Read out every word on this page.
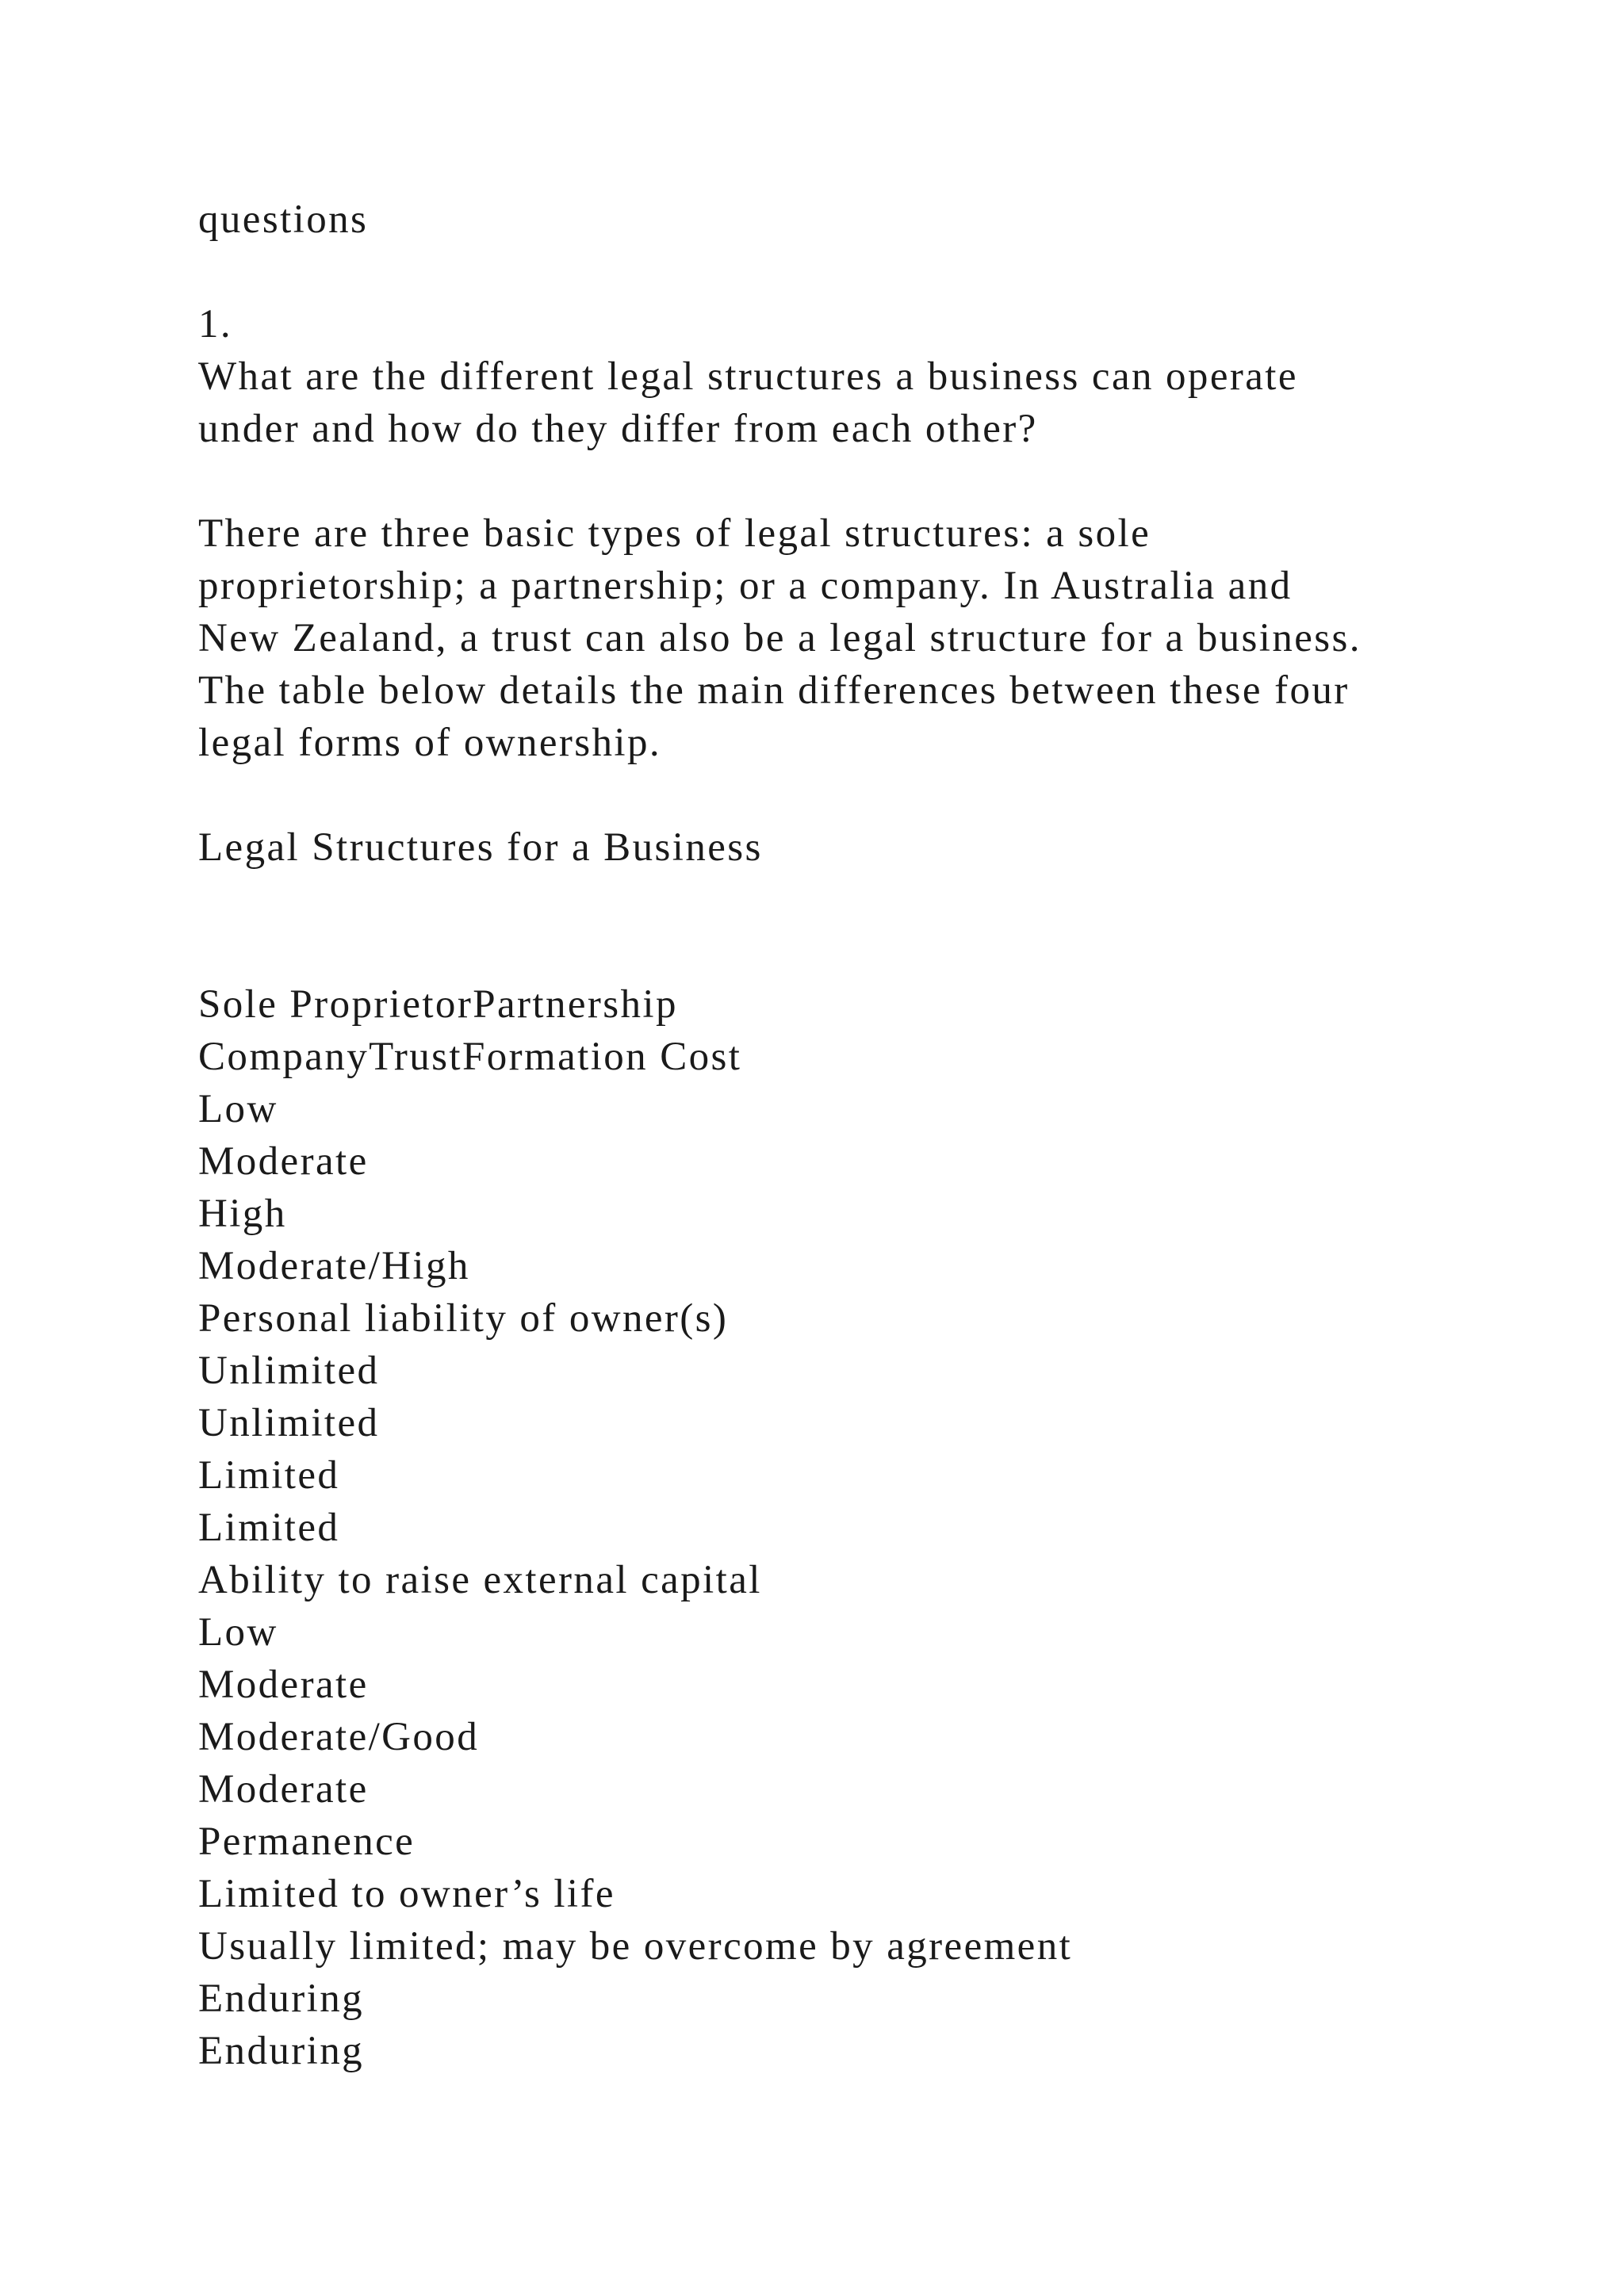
questions
1.
What are the different legal structures a business can operate
under and how do they differ from each other?
There are three basic types of legal structures: a sole
proprietorship; a partnership; or a company. In Australia and
New Zealand, a trust can also be a legal structure for a business.
The table below details the main differences between these four
legal forms of ownership.
Legal Structures for a Business
Sole ProprietorPartnership
CompanyTrustFormation Cost
Low
Moderate
High
Moderate/High
Personal liability of owner(s)
Unlimited
Unlimited
Limited
Limited
Ability to raise external capital
Low
Moderate
Moderate/Good
Moderate
Permanence
Limited to owner’s life
Usually limited; may be overcome by agreement
Enduring
Enduring
